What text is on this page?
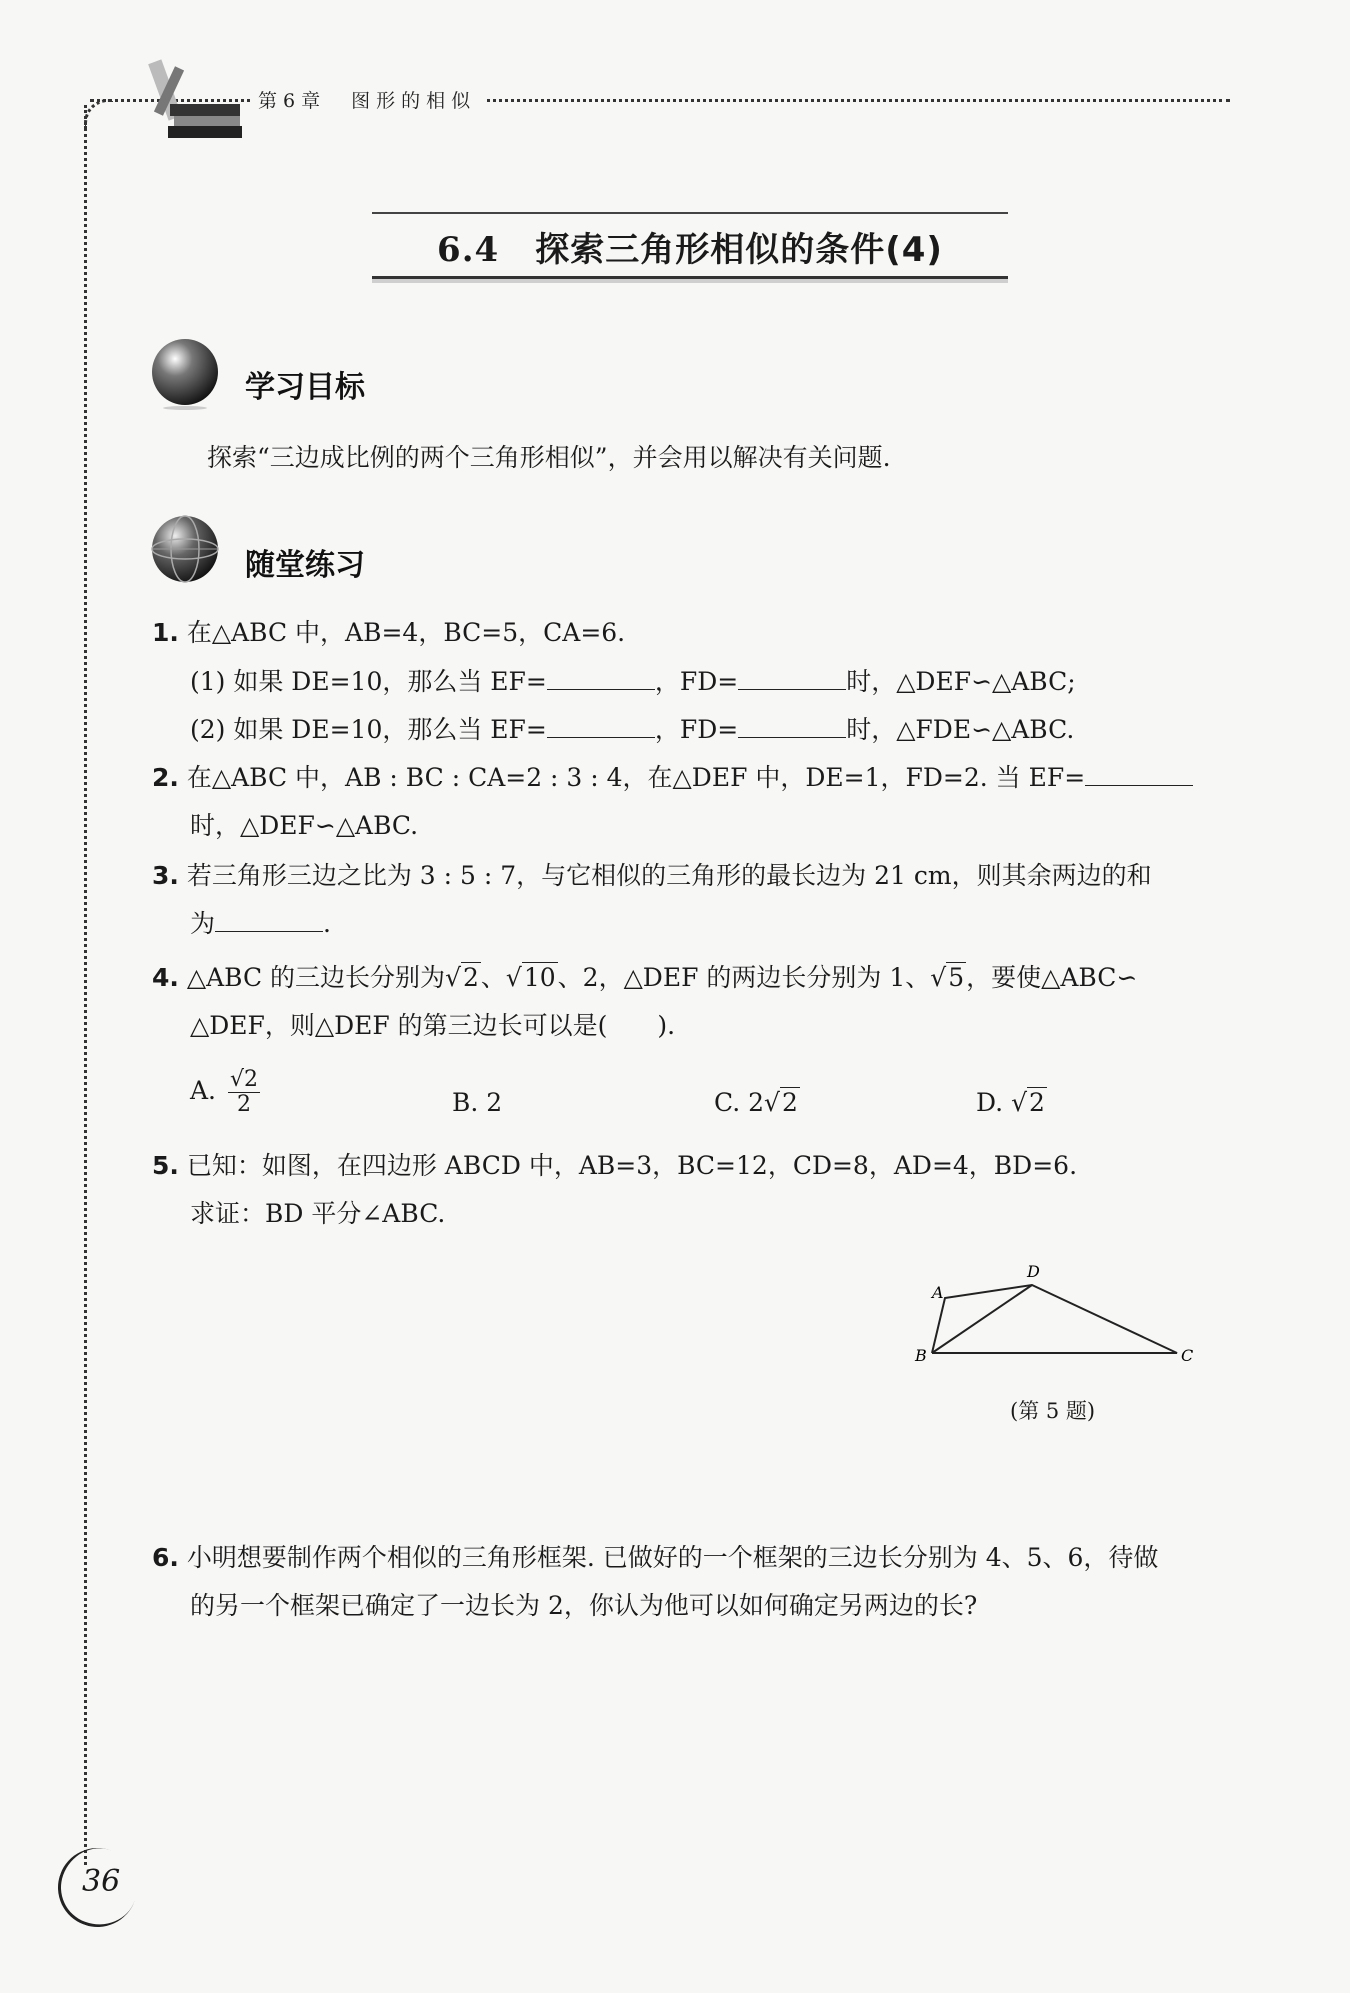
第6章　图形的相似
6.4 探索三角形相似的条件(4)
学习目标
探索“三边成比例的两个三角形相似”，并会用以解决有关问题.
随堂练习
1. 在△ABC 中，AB=4，BC=5，CA=6.
(1) 如果 DE=10，那么当 EF=	，FD=	时，△DEF∽△ABC;
(2) 如果 DE=10，那么当 EF=	，FD=	时，△FDE∽△ABC.
2. 在△ABC 中，AB : BC : CA=2 : 3 : 4，在△DEF 中，DE=1，FD=2. 当 EF=
时，△DEF∽△ABC.
3. 若三角形三边之比为 3 : 5 : 7，与它相似的三角形的最长边为 21 cm，则其余两边的和
为	.
4. △ABC 的三边长分别为√2、√10、2，△DEF 的两边长分别为 1、√5，要使△ABC∽
△DEF，则△DEF 的第三边长可以是(　　).
A. $\frac{√2}{2}$	B. 2	C. 2√2	D. √2
5. 已知：如图，在四边形 ABCD 中，AB=3，BC=12，CD=8，AD=4，BD=6.
求证：BD 平分∠ABC.
A
B	C
D
(第 5 题)
6. 小明想要制作两个相似的三角形框架. 已做好的一个框架的三边长分别为 4、5、6，待做
的另一个框架已确定了一边长为 2，你认为他可以如何确定另两边的长?
36
